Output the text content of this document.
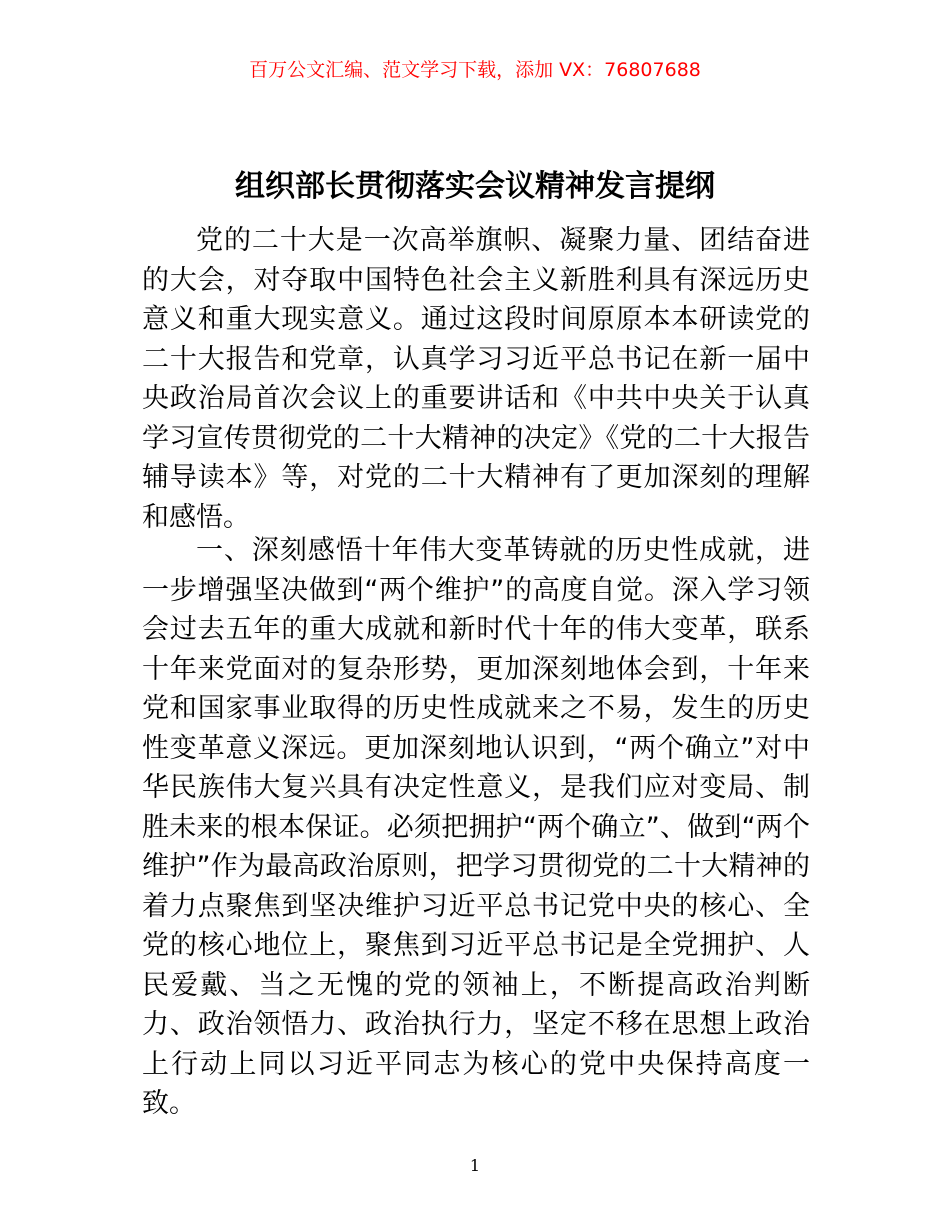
百万公文汇编、范文学习下载，添加 VX：76807688
组织部长贯彻落实会议精神发言提纲

党的二十大是一次高举旗帜、凝聚力量、团结奋进的大会，对夺取中国特色社会主义新胜利具有深远历史意义和重大现实意义。通过这段时间原原本本研读党的二十大报告和党章，认真学习习近平总书记在新一届中央政治局首次会议上的重要讲话和《中共中央关于认真学习宣传贯彻党的二十大精神的决定》《党的二十大报告辅导读本》等，对党的二十大精神有了更加深刻的理解和感悟。

一、深刻感悟十年伟大变革铸就的历史性成就，进一步增强坚决做到“两个维护”的高度自觉。深入学习领会过去五年的重大成就和新时代十年的伟大变革，联系十年来党面对的复杂形势，更加深刻地体会到，十年来党和国家事业取得的历史性成就来之不易，发生的历史性变革意义深远。更加深刻地认识到，“两个确立”对中华民族伟大复兴具有决定性意义，是我们应对变局、制胜未来的根本保证。必须把拥护“两个确立”、做到“两个维护”作为最高政治原则，把学习贯彻党的二十大精神的着力点聚焦到坚决维护习近平总书记党中央的核心、全党的核心地位上，聚焦到习近平总书记是全党拥护、人民爱戴、当之无愧的党的领袖上，不断提高政治判断力、政治领悟力、政治执行力，坚定不移在思想上政治上行动上同以习近平同志为核心的党中央保持高度一致。

1
